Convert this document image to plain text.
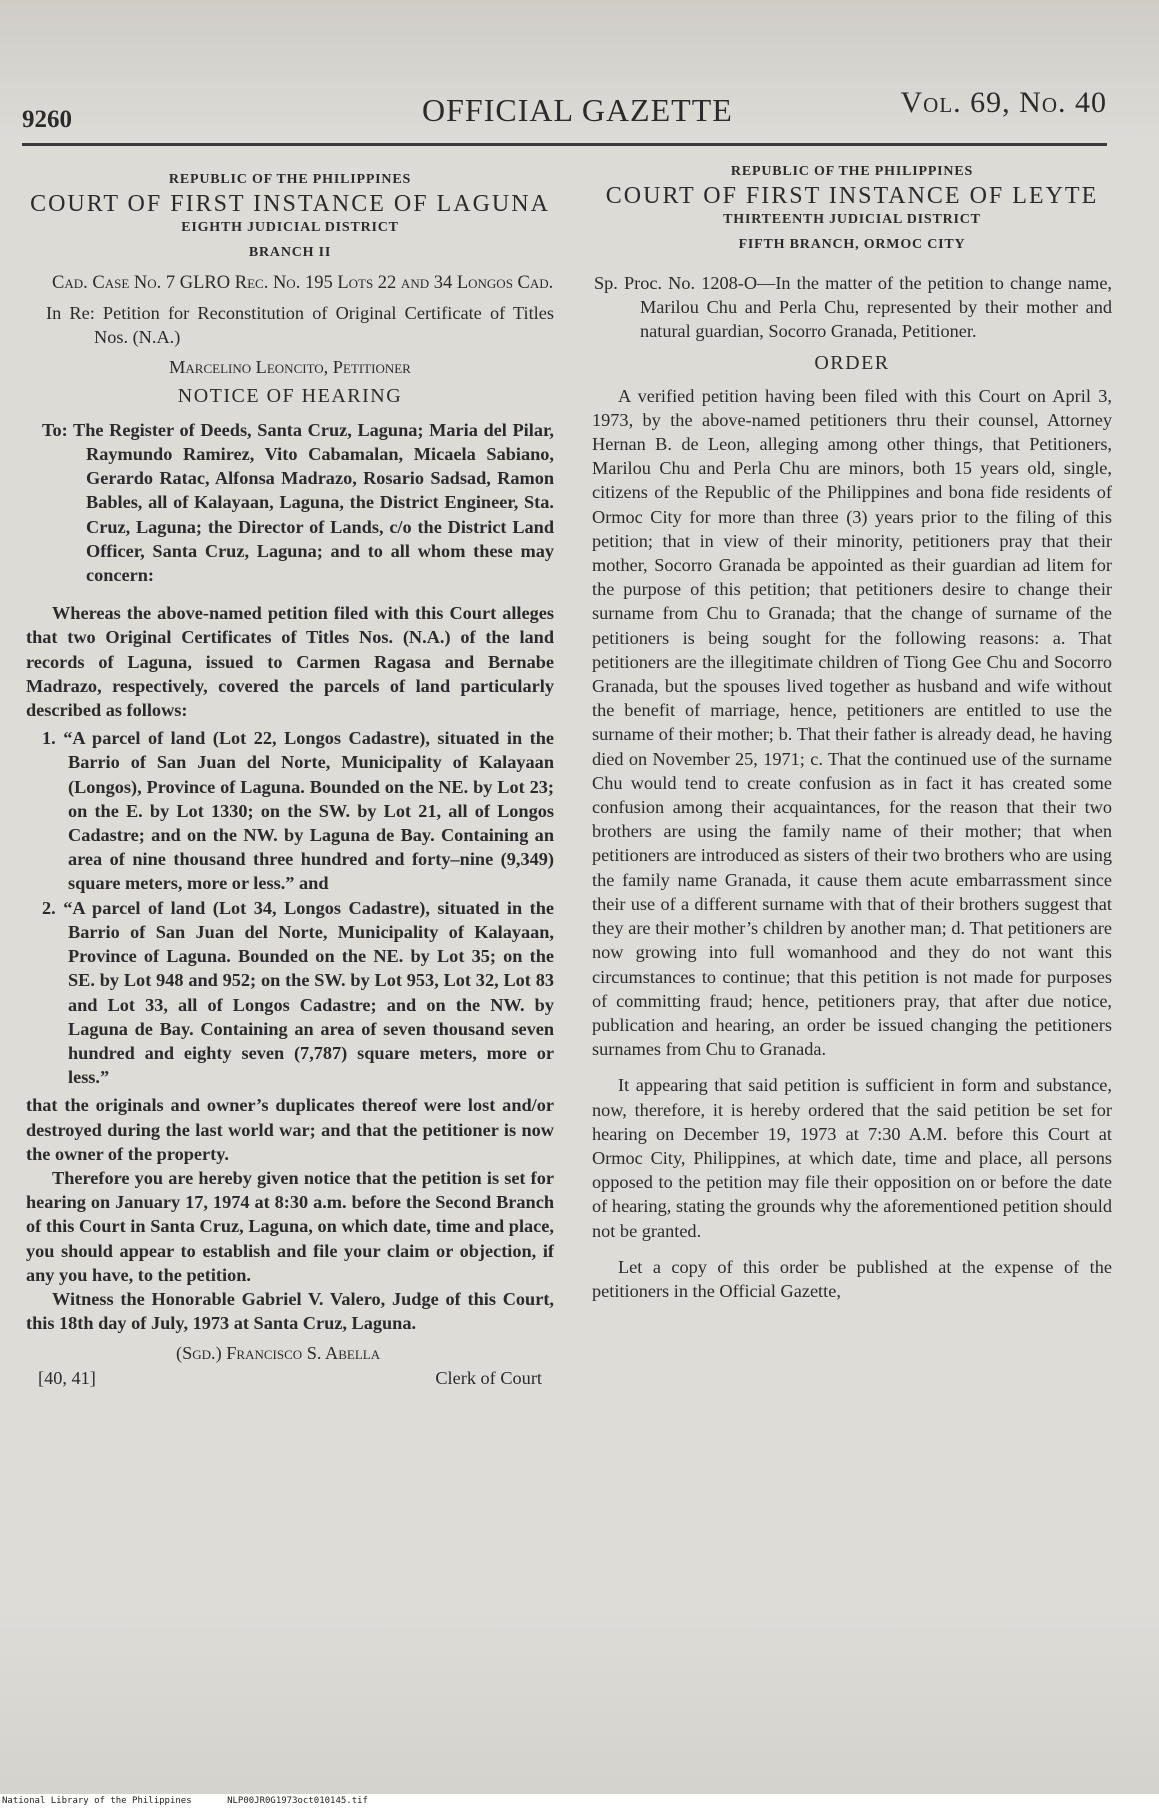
9260	OFFICIAL GAZETTE	Vol. 69, No. 40
REPUBLIC OF THE PHILIPPINES
COURT OF FIRST INSTANCE OF LAGUNA
EIGHTH JUDICIAL DISTRICT
BRANCH II

Cad. Case No. 7 GLRO Rec. No. 195 Lots 22 and 34 Longos Cad.

In Re: Petition for Reconstitution of Original Certificate of Titles Nos. (N.A.)

Marcelino Leoncito, Petitioner

NOTICE OF HEARING

To: The Register of Deeds, Santa Cruz, Laguna; Maria del Pilar, Raymundo Ramirez, Vito Cabamalan, Micaela Sabiano, Gerardo Ratac, Alfonsa Madrazo, Rosario Sadsad, Ramon Bables, all of Kalayaan, Laguna, the District Engineer, Sta. Cruz, Laguna; the Director of Lands, c/o the District Land Officer, Santa Cruz, Laguna; and to all whom these may concern:

Whereas the above-named petition filed with this Court alleges that two Original Certificates of Titles Nos. (N.A.) of the land records of Laguna, issued to Carmen Ragasa and Bernabe Madrazo, respectively, covered the parcels of land particularly described as follows:

1. “A parcel of land (Lot 22, Longos Cadastre), situated in the Barrio of San Juan del Norte, Municipality of Kalayaan (Longos), Province of Laguna. Bounded on the NE. by Lot 23; on the E. by Lot 1330; on the SW. by Lot 21, all of Longos Cadastre; and on the NW. by Laguna de Bay. Containing an area of nine thousand three hundred and forty–nine (9,349) square meters, more or less.” and
2. “A parcel of land (Lot 34, Longos Cadastre), situated in the Barrio of San Juan del Norte, Municipality of Kalayaan, Province of Laguna. Bounded on the NE. by Lot 35; on the SE. by Lot 948 and 952; on the SW. by Lot 953, Lot 32, Lot 83 and Lot 33, all of Longos Cadastre; and on the NW. by Laguna de Bay. Containing an area of seven thousand seven hundred and eighty seven (7,787) square meters, more or less.”

that the originals and owner’s duplicates thereof were lost and/or destroyed during the last world war; and that the petitioner is now the owner of the property.

Therefore you are hereby given notice that the petition is set for hearing on January 17, 1974 at 8:30 a.m. before the Second Branch of this Court in Santa Cruz, Laguna, on which date, time and place, you should appear to establish and file your claim or objection, if any you have, to the petition.

Witness the Honorable Gabriel V. Valero, Judge of this Court, this 18th day of July, 1973 at Santa Cruz, Laguna.

(Sgd.) Francisco S. Abella
[40, 41]	Clerk of Court
REPUBLIC OF THE PHILIPPINES
COURT OF FIRST INSTANCE OF LEYTE
THIRTEENTH JUDICIAL DISTRICT
FIFTH BRANCH, ORMOC CITY

Sp. Proc. No. 1208-O—In the matter of the petition to change name, Marilou Chu and Perla Chu, represented by their mother and natural guardian, Socorro Granada, Petitioner.

ORDER

A verified petition having been filed with this Court on April 3, 1973, by the above-named petitioners thru their counsel, Attorney Hernan B. de Leon, alleging among other things, that Petitioners, Marilou Chu and Perla Chu are minors, both 15 years old, single, citizens of the Republic of the Philippines and bona fide residents of Ormoc City for more than three (3) years prior to the filing of this petition; that in view of their minority, petitioners pray that their mother, Socorro Granada be appointed as their guardian ad litem for the purpose of this petition; that petitioners desire to change their surname from Chu to Granada; that the change of surname of the petitioners is being sought for the following reasons: a. That petitioners are the illegitimate children of Tiong Gee Chu and Socorro Granada, but the spouses lived together as husband and wife without the benefit of marriage, hence, petitioners are entitled to use the surname of their mother; b. That their father is already dead, he having died on November 25, 1971; c. That the continued use of the surname Chu would tend to create confusion as in fact it has created some confusion among their acquaintances, for the reason that their two brothers are using the family name of their mother; that when petitioners are introduced as sisters of their two brothers who are using the family name Granada, it cause them acute embarrassment since their use of a different surname with that of their brothers suggest that they are their mother’s children by another man; d. That petitioners are now growing into full womanhood and they do not want this circumstances to continue; that this petition is not made for purposes of committing fraud; hence, petitioners pray, that after due notice, publication and hearing, an order be issued changing the petitioners surnames from Chu to Granada.

It appearing that said petition is sufficient in form and substance, now, therefore, it is hereby ordered that the said petition be set for hearing on December 19, 1973 at 7:30 A.M. before this Court at Ormoc City, Philippines, at which date, time and place, all persons opposed to the petition may file their opposition on or before the date of hearing, stating the grounds why the aforementioned petition should not be granted.

Let a copy of this order be published at the expense of the petitioners in the Official Gazette,

National Library of the Philippines	NLP00JR0G1973oct010145.tif
